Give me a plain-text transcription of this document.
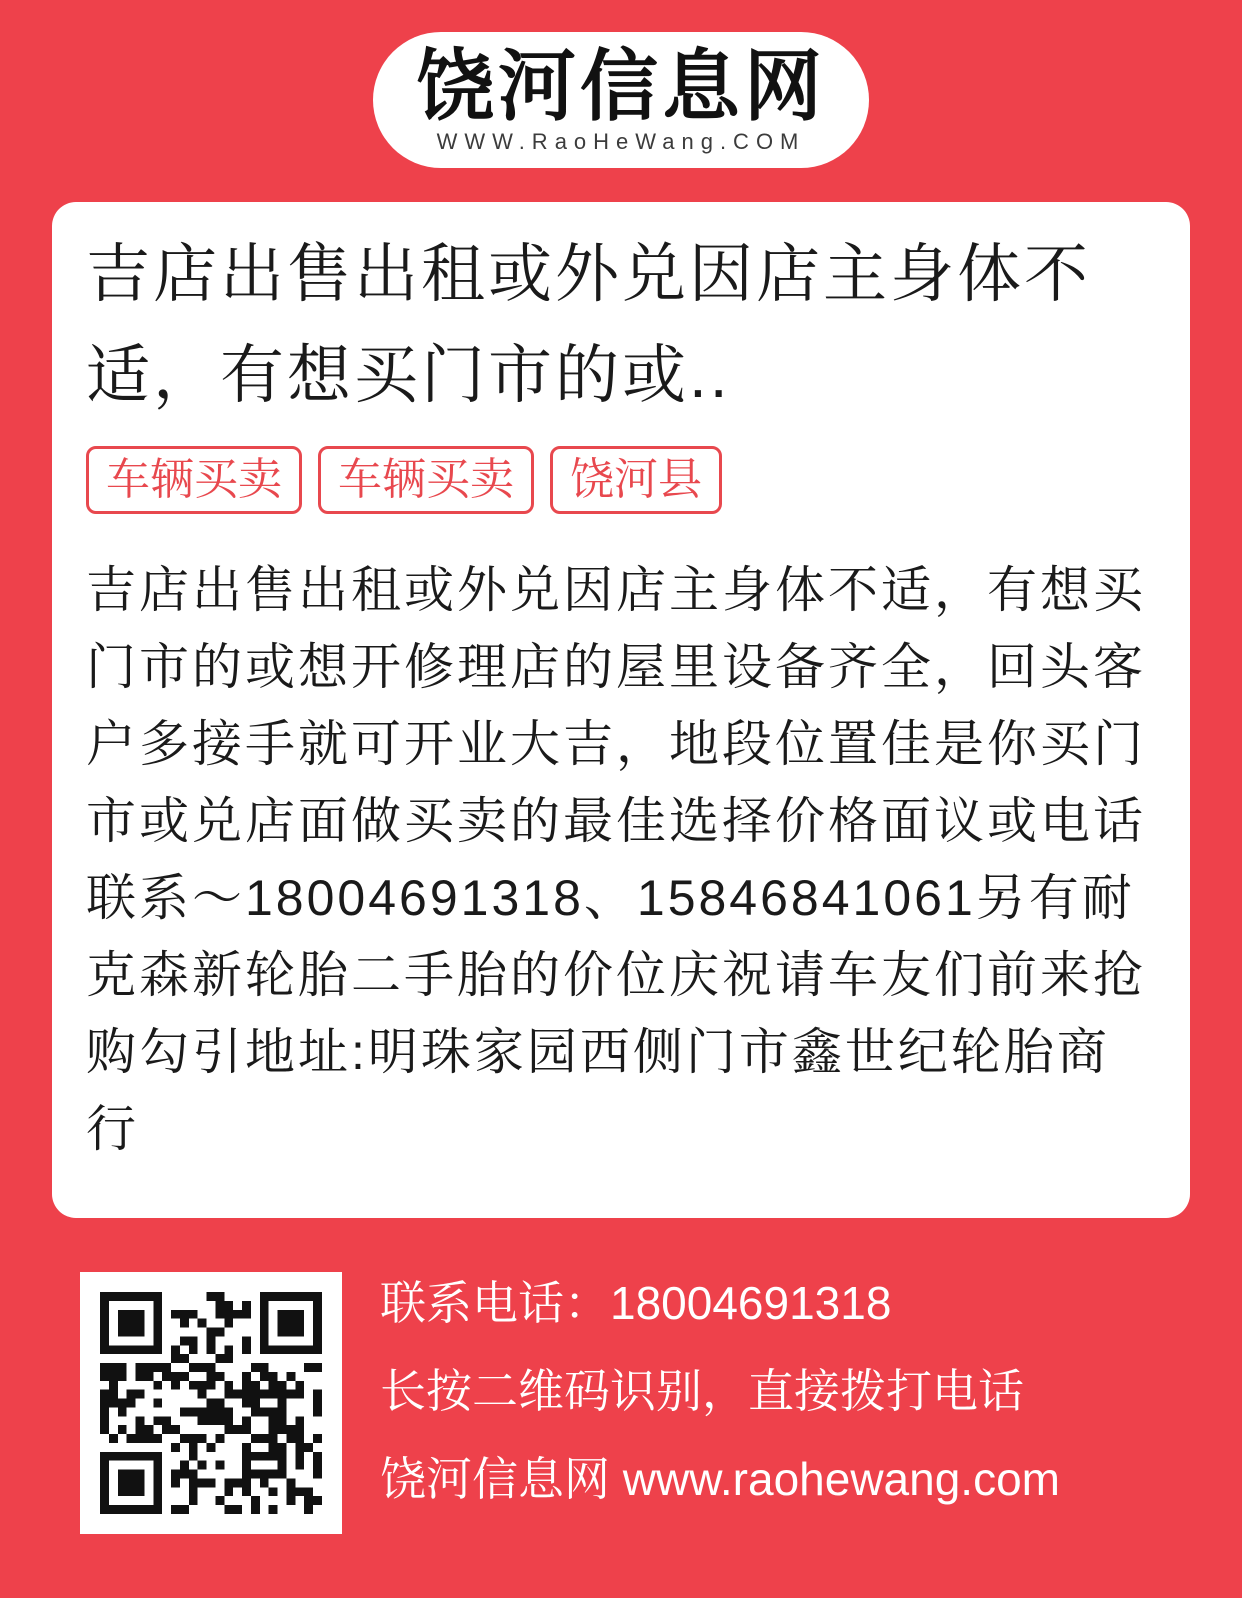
饶河信息网
WWW.RaoHeWang.COM
吉店出售出租或外兑因店主身体不适，有想买门市的或..
车辆买卖	车辆买卖	饶河县

吉店出售出租或外兑因店主身体不适，有想买门市的或想开修理店的屋里设备齐全，回头客户多接手就可开业大吉，地段位置佳是你买门市或兑店面做买卖的最佳选择价格面议或电话联系～18004691318、15846841061另有耐克森新轮胎二手胎的价位庆祝请车友们前来抢购勾引地址:明珠家园西侧门市鑫世纪轮胎商行

联系电话：18004691318
长按二维码识别，直接拨打电话
饶河信息网 www.raohewang.com
